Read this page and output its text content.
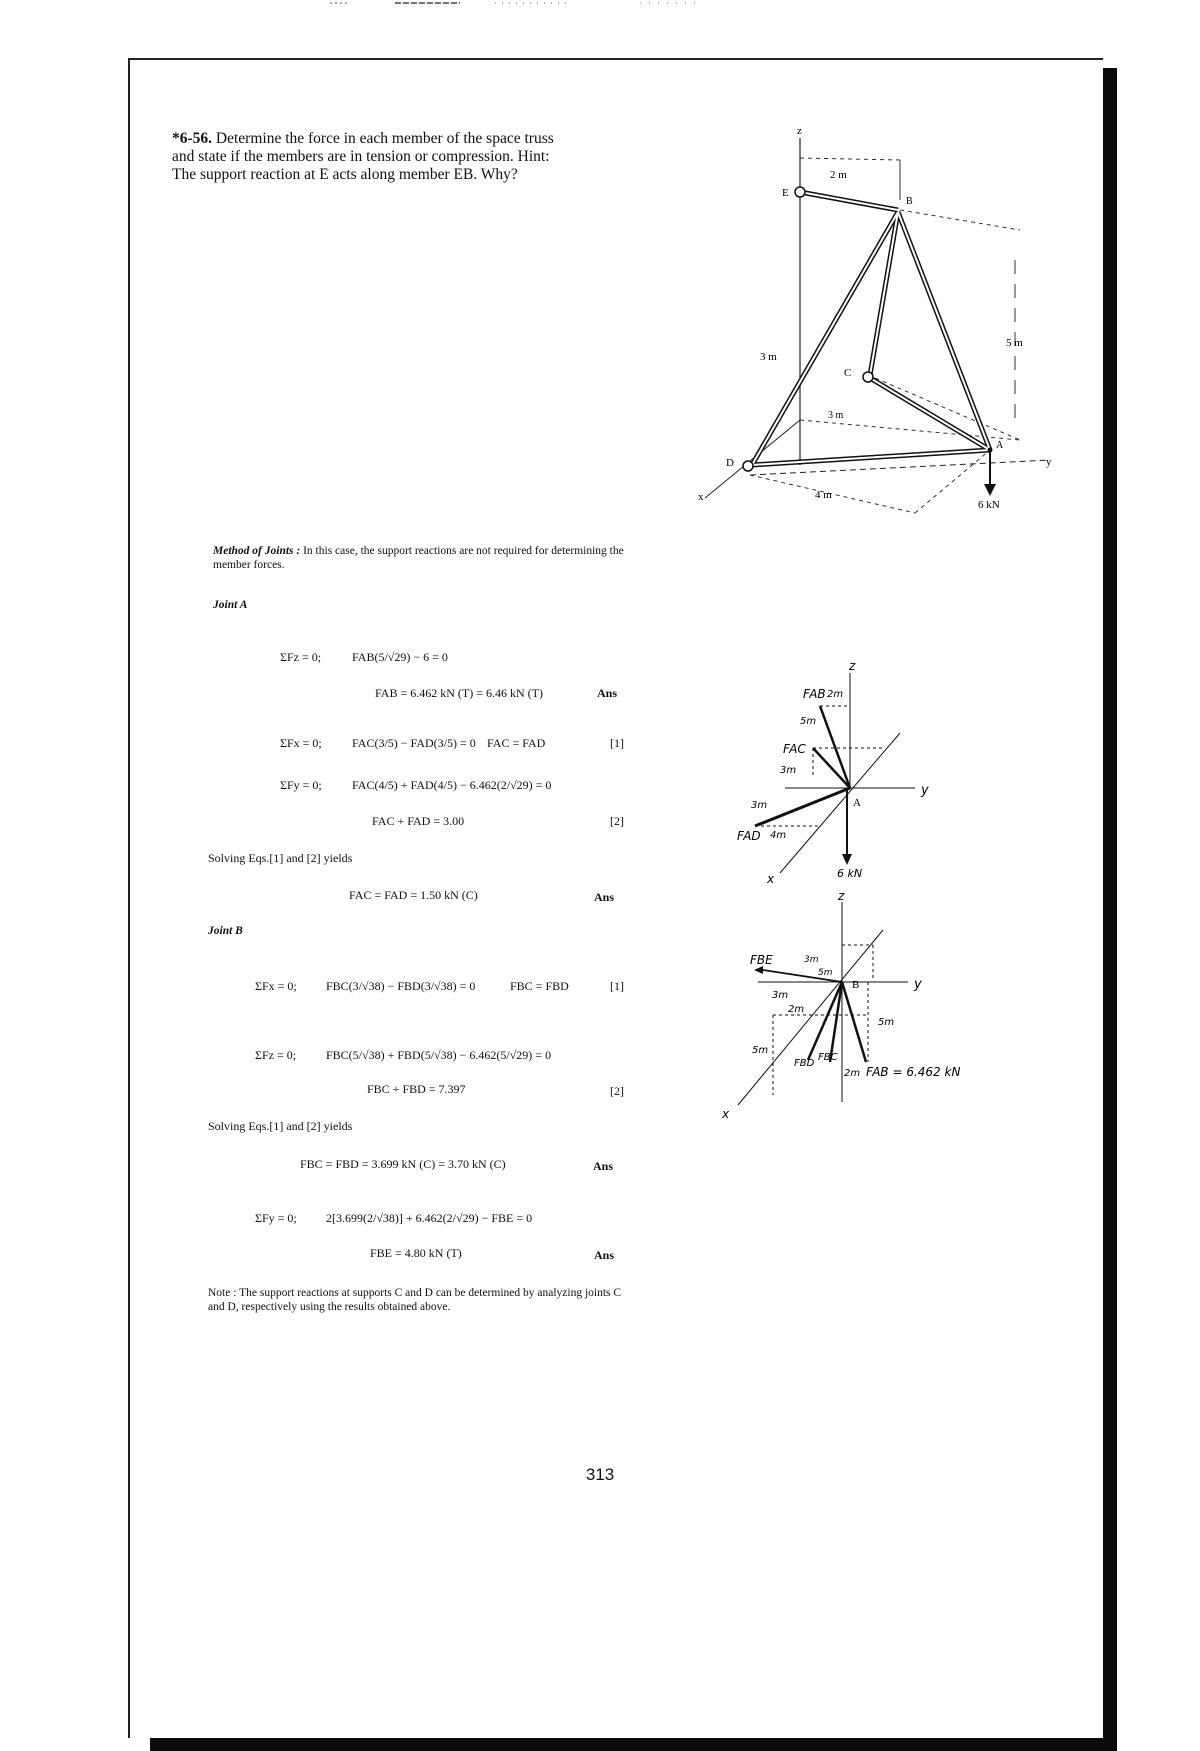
*6-56. Determine the force in each member of the space truss and state if the members are in tension or compression. Hint: The support reaction at E acts along member EB. Why?
z
y
x
E
B
C
A
D
2 m
3 m
5 m
3 m
4 m
6 kN
Method of Joints : In this case, the support reactions are not required for determining the member forces.
Joint A
ΣFz = 0;	FAB(5/√29) − 6 = 0
FAB = 6.462 kN (T) = 6.46 kN (T)	Ans
ΣFx = 0;	FAC(3/5) − FAD(3/5) = 0 FAC = FAD	[1]
ΣFy = 0;	FAC(4/5) + FAD(4/5) − 6.462(2/√29) = 0
FAC + FAD = 3.00	[2]
Solving Eqs.[1] and [2] yields
FAC = FAD = 1.50 kN (C)	Ans
Joint B
ΣFx = 0; FBC(3/√38) − FBD(3/√38) = 0	FBC = FBD	[1]
ΣFz = 0; FBC(5/√38) + FBD(5/√38) − 6.462(5/√29) = 0
FBC + FBD = 7.397	[2]
Solving Eqs.[1] and [2] yields
FBC = FBD = 3.699 kN (C) = 3.70 kN (C)	Ans
ΣFy = 0; 2[3.699(2/√38)] + 6.462(2/√29) − FBE = 0
FBE = 4.80 kN (T)	Ans
Note : The support reactions at supports C and D can be determined by analyzing joints C and D, respectively using the results obtained above.
z
y
x
FAB 2m
5m
FAC
3m
3m
4m
FAD
A
6 kN
z
y
x
FBE	3m
5m
3m
2m
5m
5m
B
FBD
FBC
2m FAB = 6.462 kN
313
